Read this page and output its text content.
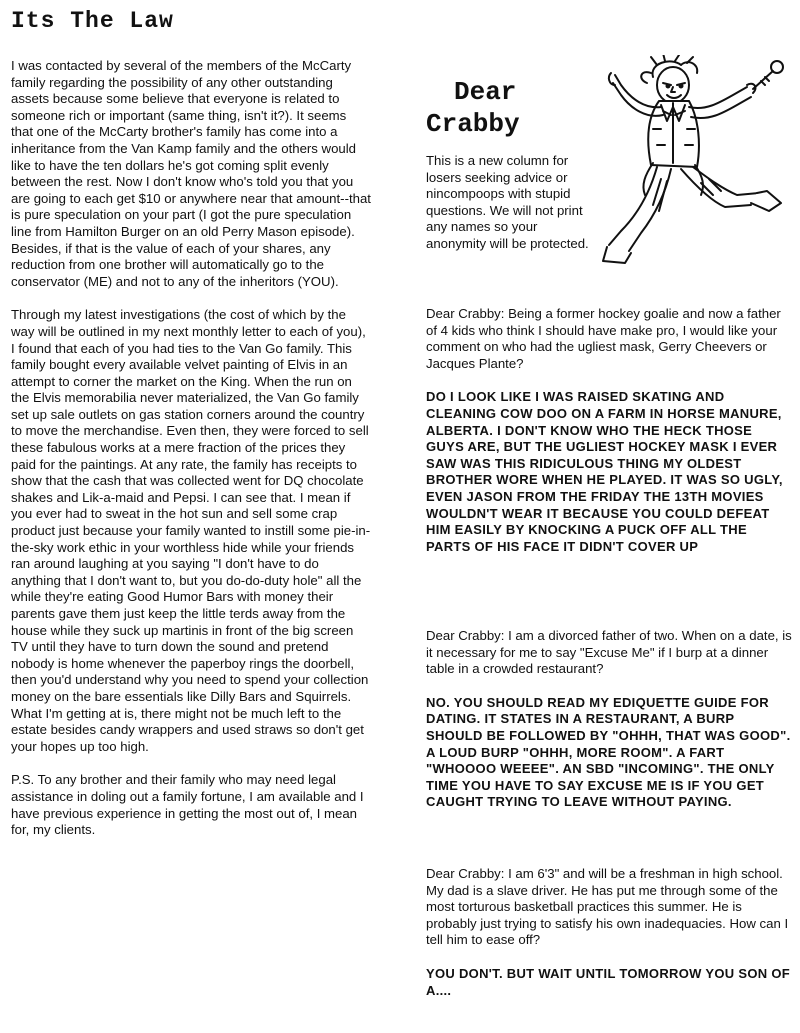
Its The Law

I was contacted by several of the members of the McCarty family regarding the possibility of any other outstanding assets because some believe that everyone is related to someone rich or important (same thing, isn't it?). It seems that one of the McCarty brother's family has come into a inheritance from the Van Kamp family and the others would like to have the ten dollars he's got coming split evenly between the rest. Now I don't know who's told you that you are going to each get $10 or anywhere near that amount--that is pure speculation on your part (I got the pure speculation line from Hamilton Burger on an old Perry Mason episode). Besides, if that is the value of each of your shares, any reduction from one brother will automatically go to the conservator (ME) and not to any of the inheritors (YOU).

Through my latest investigations (the cost of which by the way will be outlined in my next monthly letter to each of you), I found that each of you had ties to the Van Go family. This family bought every available velvet painting of Elvis in an attempt to corner the market on the King. When the run on the Elvis memorabilia never materialized, the Van Go family set up sale outlets on gas station corners around the country to move the merchandise. Even then, they were forced to sell these fabulous works at a mere fraction of the prices they paid for the paintings. At any rate, the family has receipts to show that the cash that was collected went for DQ chocolate shakes and Lik-a-maid and Pepsi. I can see that. I mean if you ever had to sweat in the hot sun and sell some crap product just because your family wanted to instill some pie-in-the-sky work ethic in your worthless hide while your friends ran around laughing at you saying "I don't have to do anything that I don't want to, but you do-do-duty hole" all the while they're eating Good Humor Bars with money their parents gave them just keep the little terds away from the house while they suck up martinis in front of the big screen TV until they have to turn down the sound and pretend nobody is home whenever the paperboy rings the doorbell, then you'd understand why you need to spend your collection money on the bare essentials like Dilly Bars and Squirrels. What I'm getting at is, there might not be much left to the estate besides candy wrappers and used straws so don't get your hopes up too high.

P.S. To any brother and their family who may need legal assistance in doling out a family fortune, I am available and I have previous experience in getting the most out of, I mean for, my clients.

Dear
Crabby

This is a new column for losers seeking advice or nincompoops with stupid questions. We will not print any names so your anonymity will be protected.

Dear Crabby: Being a former hockey goalie and now a father of 4 kids who think I should have make pro, I would like your comment on who had the ugliest mask, Gerry Cheevers or Jacques Plante?

DO I LOOK LIKE I WAS RAISED SKATING AND CLEANING COW DOO ON A FARM IN HORSE MANURE, ALBERTA. I DON'T KNOW WHO THE HECK THOSE GUYS ARE, BUT THE UGLIEST HOCKEY MASK I EVER SAW WAS THIS RIDICULOUS THING MY OLDEST BROTHER WORE WHEN HE PLAYED. IT WAS SO UGLY, EVEN JASON FROM THE FRIDAY THE 13TH MOVIES WOULDN'T WEAR IT BECAUSE YOU COULD DEFEAT HIM EASILY BY KNOCKING A PUCK OFF ALL THE PARTS OF HIS FACE IT DIDN'T COVER UP

Dear Crabby: I am a divorced father of two. When on a date, is it necessary for me to say "Excuse Me" if I burp at a dinner table in a crowded restaurant?

NO. YOU SHOULD READ MY EDIQUETTE GUIDE FOR DATING. IT STATES IN A RESTAURANT, A BURP SHOULD BE FOLLOWED BY "OHHH, THAT WAS GOOD". A LOUD BURP "OHHH, MORE ROOM". A FART "WHOOOO WEEEE". AN SBD "INCOMING". THE ONLY TIME YOU HAVE TO SAY EXCUSE ME IS IF YOU GET CAUGHT TRYING TO LEAVE WITHOUT PAYING.

Dear Crabby: I am 6'3" and will be a freshman in high school. My dad is a slave driver. He has put me through some of the most torturous basketball practices this summer. He is probably just trying to satisfy his own inadequacies. How can I tell him to ease off?

YOU DON'T. BUT WAIT UNTIL TOMORROW YOU SON OF A....
